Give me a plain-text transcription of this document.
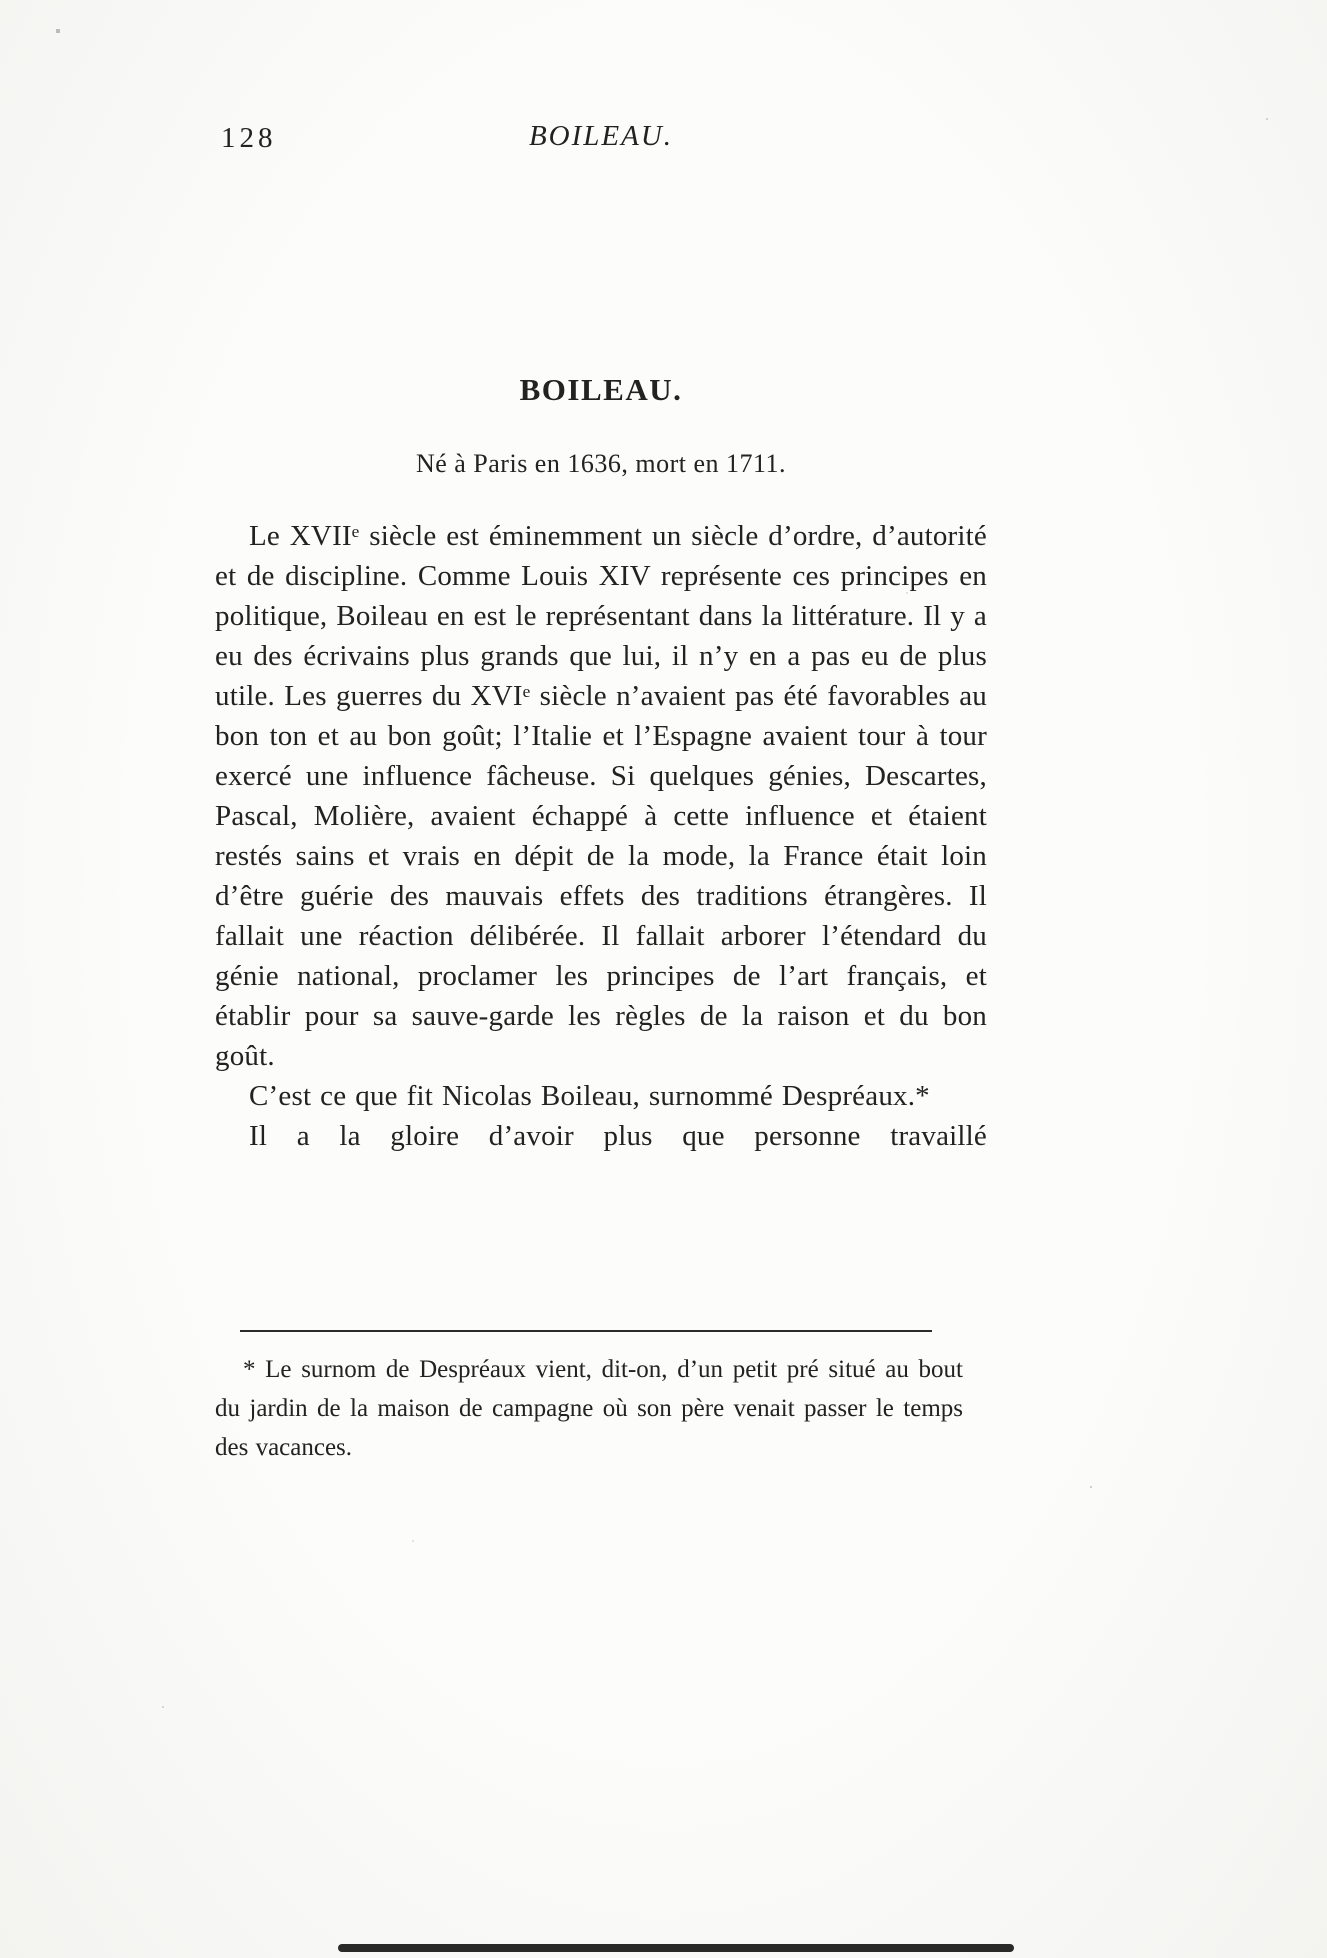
128	BOILEAU.
BOILEAU.

Né à Paris en 1636, mort en 1711.

Le XVIIᵉ siècle est éminemment un siècle d’ordre, d’autorité et de discipline. Comme Louis XIV représente ces principes en politique, Boileau en est le représentant dans la littérature. Il y a eu des écrivains plus grands que lui, il n’y en a pas eu de plus utile. Les guerres du XVIᵉ siècle n’avaient pas été favorables au bon ton et au bon goût; l’Italie et l’Espagne avaient tour à tour exercé une influence fâcheuse. Si quelques génies, Descartes, Pascal, Molière, avaient échappé à cette influence et étaient restés sains et vrais en dépit de la mode, la France était loin d’être guérie des mauvais effets des traditions étrangères. Il fallait une réaction délibérée. Il fallait arborer l’étendard du génie national, proclamer les principes de l’art français, et établir pour sa sauve-garde les règles de la raison et du bon goût.

C’est ce que fit Nicolas Boileau, surnommé Despréaux.*

Il a la gloire d’avoir plus que personne travaillé

* Le surnom de Despréaux vient, dit-on, d’un petit pré situé au bout du jardin de la maison de campagne où son père venait passer le temps des vacances.
